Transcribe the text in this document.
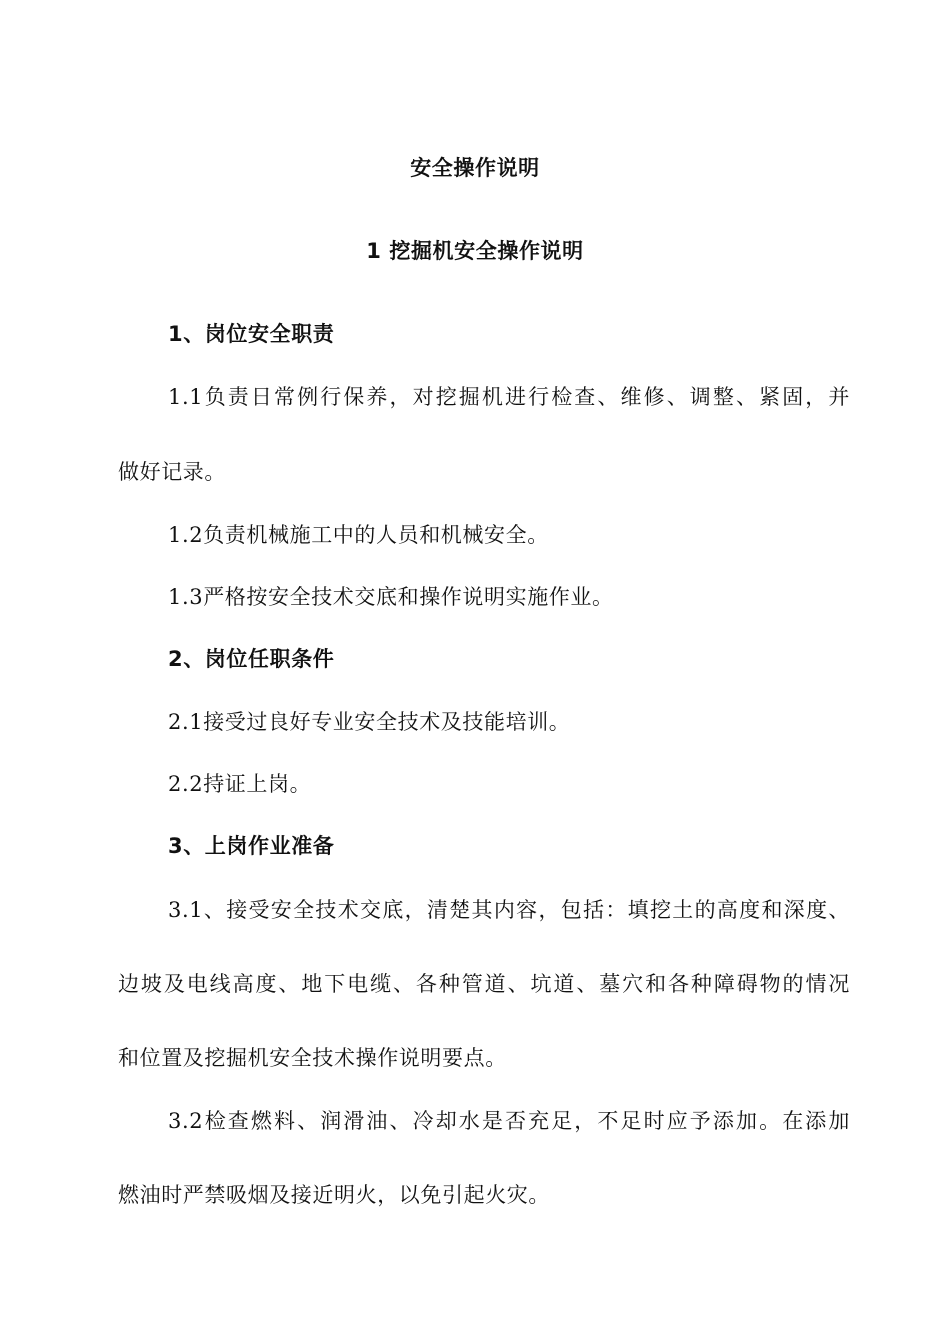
安全操作说明
1 挖掘机安全操作说明
1、岗位安全职责
1.1负责日常例行保养，对挖掘机进行检查、维修、调整、紧固，并
做好记录。
1.2负责机械施工中的人员和机械安全。
1.3严格按安全技术交底和操作说明实施作业。
2、岗位任职条件
2.1接受过良好专业安全技术及技能培训。
2.2持证上岗。
3、上岗作业准备
3.1、接受安全技术交底，清楚其内容，包括：填挖土的高度和深度、
边坡及电线高度、地下电缆、各种管道、坑道、墓穴和各种障碍物的情况
和位置及挖掘机安全技术操作说明要点。
3.2检查燃料、润滑油、冷却水是否充足，不足时应予添加。在添加
燃油时严禁吸烟及接近明火，以免引起火灾。
